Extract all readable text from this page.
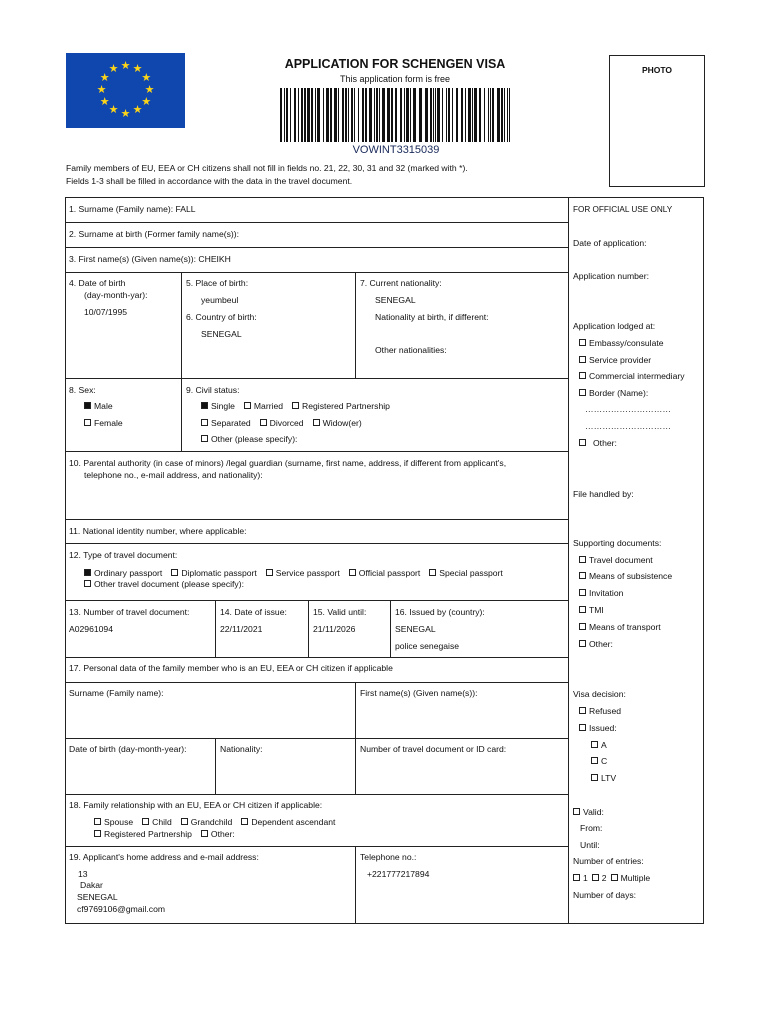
★ ★
★
★
★
★
★
★
★
★
★
★	APPLICATION FOR SCHENGEN VISA
This application form is free
VOWINT3315039
PHOTO
Family members of EU, EEA or CH citizens shall not fill in fields no. 21, 22, 30, 31 and 32 (marked with *).
Fields 1-3 shall be filled in accordance with the data in the travel document.
1. Surname (Family name): FALL
2. Surname at birth (Former family name(s)):
3. First name(s) (Given name(s)): CHEIKH
4. Date of birth
(day-month-yar):
10/07/1995
5. Place of birth:
yeumbeul
6. Country of birth:
SENEGAL
7. Current nationality:
SENEGAL
Nationality at birth, if different:
Other nationalities:
8. Sex:
Male
Female
9. Civil status:
Single Married Registered Partnership
Separated Divorced Widow(er)
Other (please specify):
10. Parental authority (in case of minors) /legal guardian (surname, first name, address, if different from applicant's,
telephone no., e-mail address, and nationality):
11. National identity number, where applicable:
12. Type of travel document:
Ordinary passport Diplomatic passport Service passport Official passport Special passport
Other travel document (please specify):
13. Number of travel document:
A02961094
14. Date of issue:
22/11/2021
15. Valid until:
21/11/2026
16. Issued by (country):
SENEGAL
police senegaise
17. Personal data of the family member who is an EU, EEA or CH citizen if applicable
Surname (Family name):	First name(s) (Given name(s)):
Date of birth (day-month-year):	Nationality:	Number of travel document or ID card:
18. Family relationship with an EU, EEA or CH citizen if applicable:
Spouse Child Grandchild Dependent ascendant
Registered Partnership Other:
19. Applicant's home address and e-mail address:
13
Dakar
SENEGAL
cf9769106@gmail.com
Telephone no.:
+221777217894
FOR OFFICIAL USE ONLY
Date of application:
Application number:
Application lodged at:
Embassy/consulate
Service provider
Commercial intermediary
Border (Name):
…………………………
…………………………
Other:
File handled by:
Supporting documents:
Travel document
Means of subsistence
Invitation
TMI
Means of transport
Other:
Visa decision:
Refused
Issued:
A
C
LTV
Valid:
From:
Until:
Number of entries:
1 2 Multiple
Number of days:
